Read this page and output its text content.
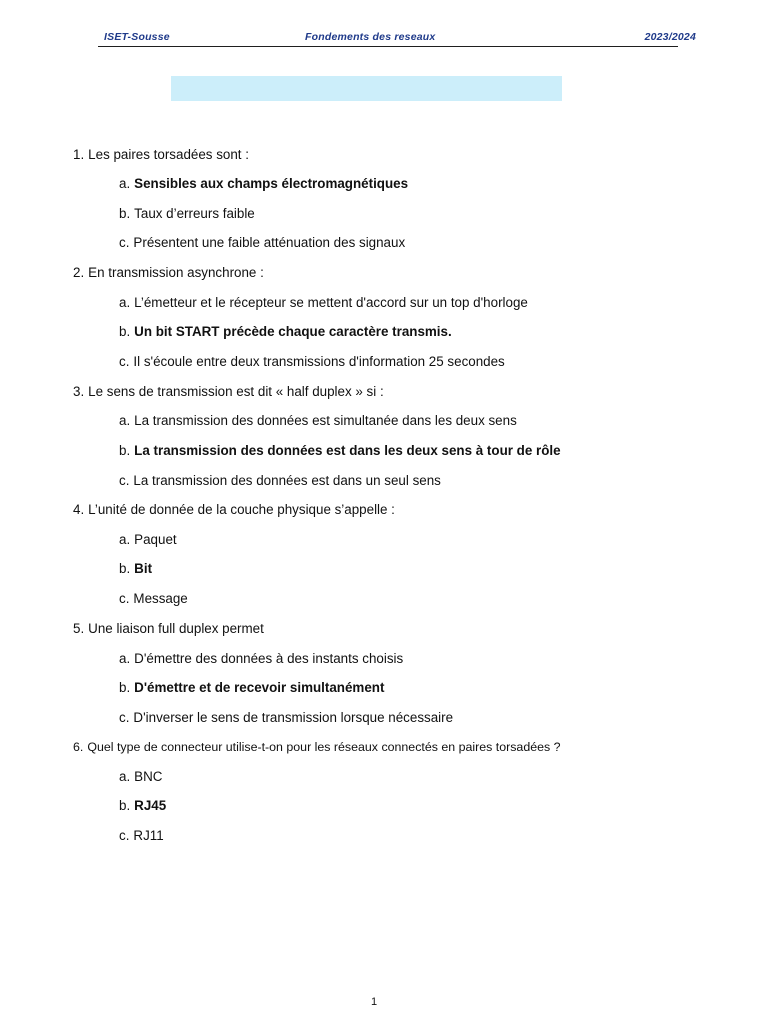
ISET-Sousse	Fondements des reseaux	2023/2024
1. Les paires torsadées sont :
a. Sensibles aux champs électromagnétiques
b. Taux d’erreurs faible
c. Présentent une faible atténuation des signaux
2. En transmission asynchrone :
a. L’émetteur et le récepteur se mettent d'accord sur un top d'horloge
b. Un bit START précède chaque caractère transmis.
c. Il s'écoule entre deux transmissions d'information 25 secondes
3. Le sens de transmission est dit « half duplex » si :
a. La transmission des données est simultanée dans les deux sens
b. La transmission des données est dans les deux sens à tour de rôle
c. La transmission des données est dans un seul sens
4. L’unité de donnée de la couche physique s’appelle :
a. Paquet
b. Bit
c. Message
5. Une liaison full duplex permet
a. D'émettre des données à des instants choisis
b. D'émettre et de recevoir simultanément
c. D'inverser le sens de transmission lorsque nécessaire
6. Quel type de connecteur utilise-t-on pour les réseaux connectés en paires torsadées ?
a. BNC
b. RJ45
c. RJ11
1
